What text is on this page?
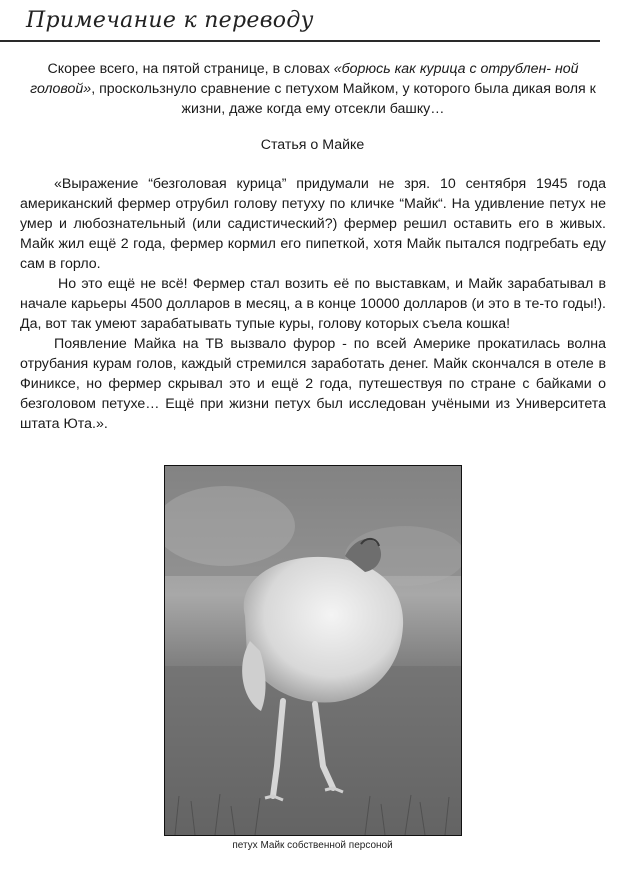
Примечание к переводу

Скорее всего, на пятой странице, в словах «борюсь как курица с отрублен- ной головой», проскользнуло сравнение с петухом Майком, у которого была дикая воля к жизни, даже когда ему отсекли башку…

Статья о Майке

«Выражение “безголовая курица” придумали не зря. 10 сентября 1945 года американский фермер отрубил голову петуху по кличке “Майк“. На удивление петух не умер и любознательный (или садистический?) фермер решил оставить его в живых. Майк жил ещё 2 года, фермер кормил его пипеткой, хотя Майк пытался подгребать еду сам в горло.

Но это ещё не всё! Фермер стал возить её по выставкам, и Майк зарабатывал в начале карьеры 4500 долларов в месяц, а в конце 10000 долларов (и это в те-то годы!). Да, вот так умеют зарабатывать тупые куры, голову которых съела кошка!

Появление Майка на ТВ вызвало фурор - по всей Америке прокатилась волна отрубания курам голов, каждый стремился заработать денег. Майк скончался в отеле в Финиксе, но фермер скрывал это и ещё 2 года, путешествуя по стране с байками о безголовом петухе… Ещё при жизни петух был исследован учёными из Университета штата Юта.».

петух Майк собственной персоной
